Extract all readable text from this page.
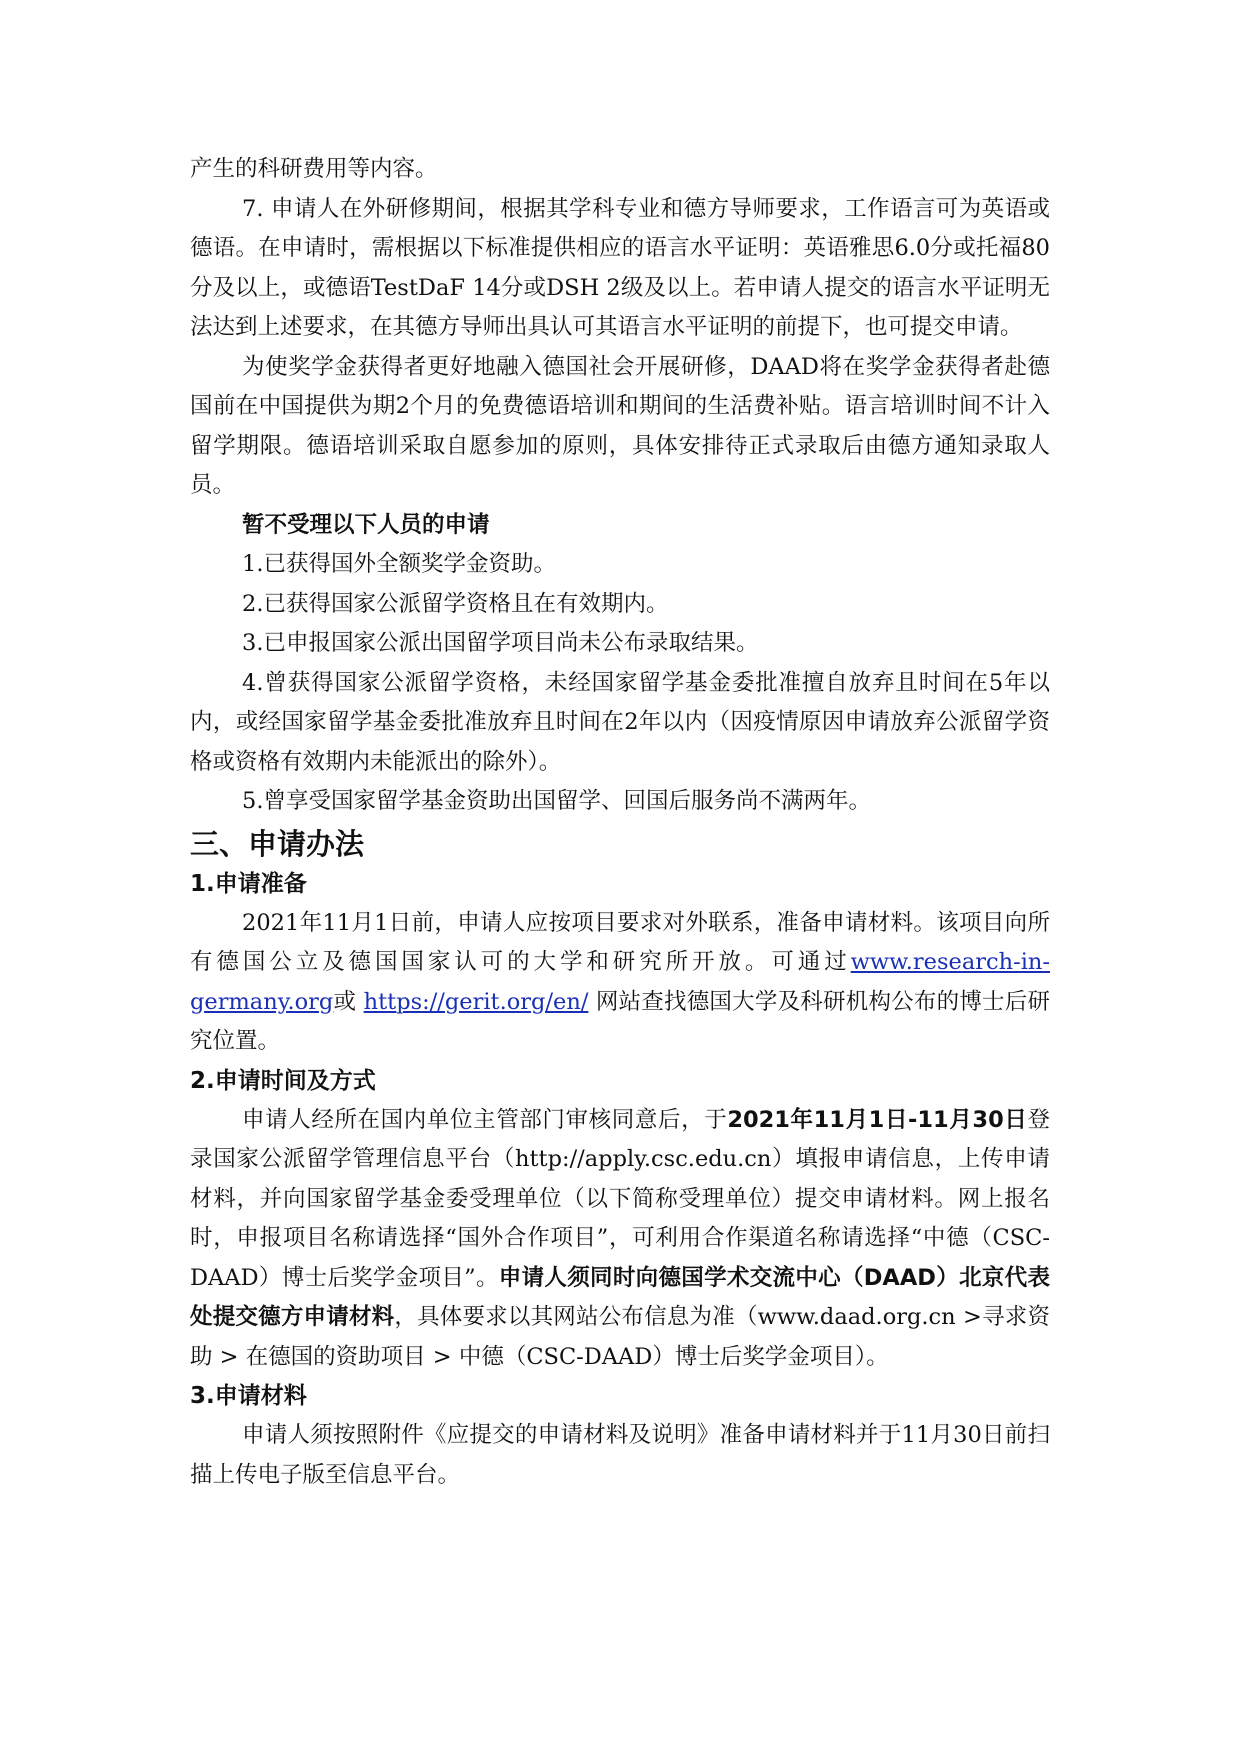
产生的科研费用等内容。

7. 申请人在外研修期间，根据其学科专业和德方导师要求，工作语言可为英语或德语。在申请时，需根据以下标准提供相应的语言水平证明：英语雅思6.0分或托福80分及以上，或德语TestDaF 14分或DSH 2级及以上。若申请人提交的语言水平证明无法达到上述要求，在其德方导师出具认可其语言水平证明的前提下，也可提交申请。

为使奖学金获得者更好地融入德国社会开展研修，DAAD将在奖学金获得者赴德国前在中国提供为期2个月的免费德语培训和期间的生活费补贴。语言培训时间不计入留学期限。德语培训采取自愿参加的原则，具体安排待正式录取后由德方通知录取人员。

暂不受理以下人员的申请

1.已获得国外全额奖学金资助。

2.已获得国家公派留学资格且在有效期内。

3.已申报国家公派出国留学项目尚未公布录取结果。

4.曾获得国家公派留学资格，未经国家留学基金委批准擅自放弃且时间在5年以内，或经国家留学基金委批准放弃且时间在2年以内（因疫情原因申请放弃公派留学资格或资格有效期内未能派出的除外）。

5.曾享受国家留学基金资助出国留学、回国后服务尚不满两年。

三、申请办法
1.申请准备

2021年11月1日前，申请人应按项目要求对外联系，准备申请材料。该项目向所有德国公立及德国国家认可的大学和研究所开放。可通过www.research-in-germany.org或 https://gerit.org/en/ 网站查找德国大学及科研机构公布的博士后研究位置。

2.申请时间及方式

申请人经所在国内单位主管部门审核同意后，于2021年11月1日-11月30日登录国家公派留学管理信息平台（http://apply.csc.edu.cn）填报申请信息，上传申请材料，并向国家留学基金委受理单位（以下简称受理单位）提交申请材料。网上报名时，申报项目名称请选择“国外合作项目”，可利用合作渠道名称请选择“中德（CSC-DAAD）博士后奖学金项目”。申请人须同时向德国学术交流中心（DAAD）北京代表处提交德方申请材料，具体要求以其网站公布信息为准（www.daad.org.cn >寻求资助 > 在德国的资助项目 > 中德（CSC-DAAD）博士后奖学金项目）。

3.申请材料

申请人须按照附件《应提交的申请材料及说明》准备申请材料并于11月30日前扫描上传电子版至信息平台。
